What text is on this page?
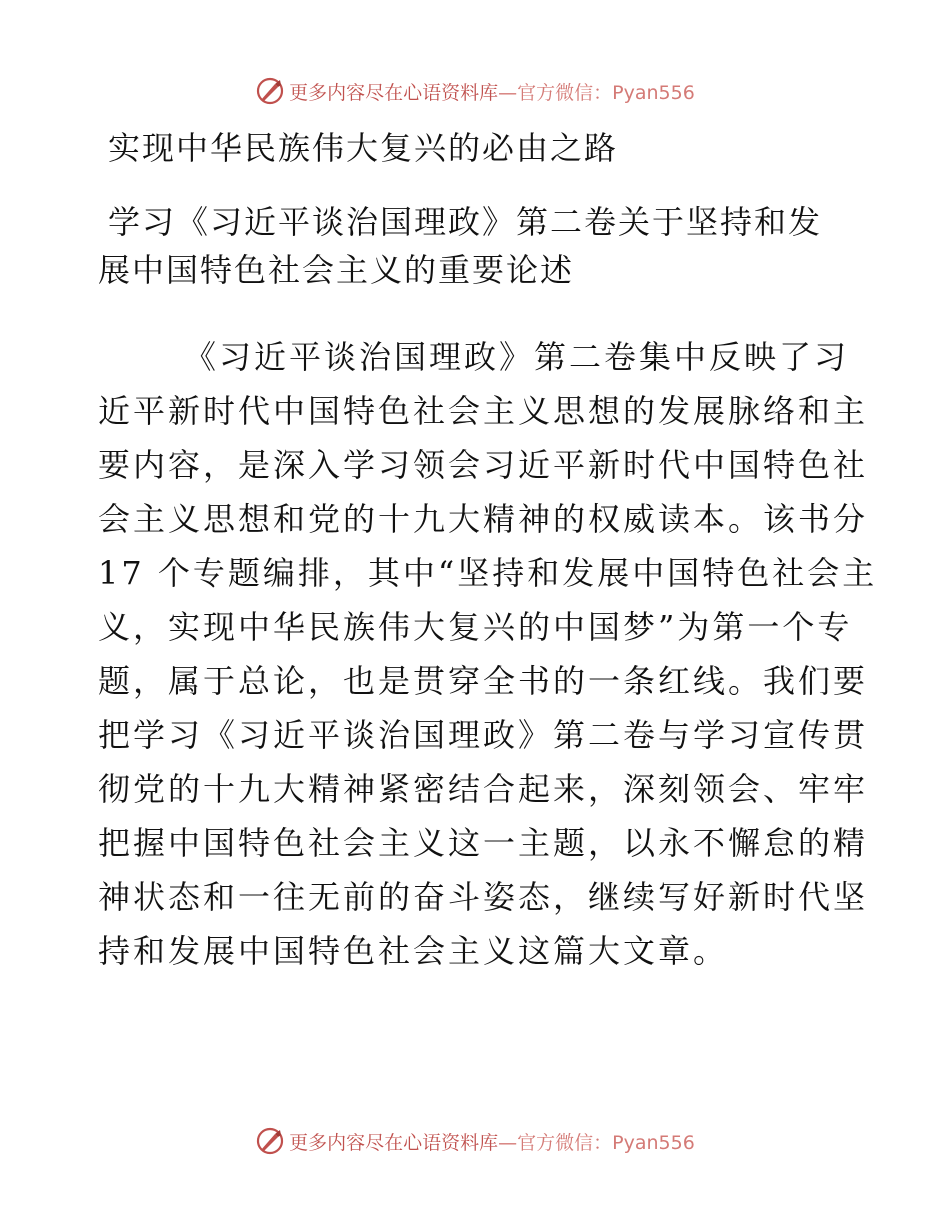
更多内容尽在心语资料库—官方微信：Pyan556
实现中华民族伟大复兴的必由之路
学习《习近平谈治国理政》第二卷关于坚持和发
展中国特色社会主义的重要论述

《习近平谈治国理政》第二卷集中反映了习
近平新时代中国特色社会主义思想的发展脉络和主
要内容，是深入学习领会习近平新时代中国特色社
会主义思想和党的十九大精神的权威读本。该书分
17 个专题编排，其中“坚持和发展中国特色社会主
义，实现中华民族伟大复兴的中国梦”为第一个专
题，属于总论，也是贯穿全书的一条红线。我们要
把学习《习近平谈治国理政》第二卷与学习宣传贯
彻党的十九大精神紧密结合起来，深刻领会、牢牢
把握中国特色社会主义这一主题，以永不懈怠的精
神状态和一往无前的奋斗姿态，继续写好新时代坚
持和发展中国特色社会主义这篇大文章。

更多内容尽在心语资料库—官方微信：Pyan556
